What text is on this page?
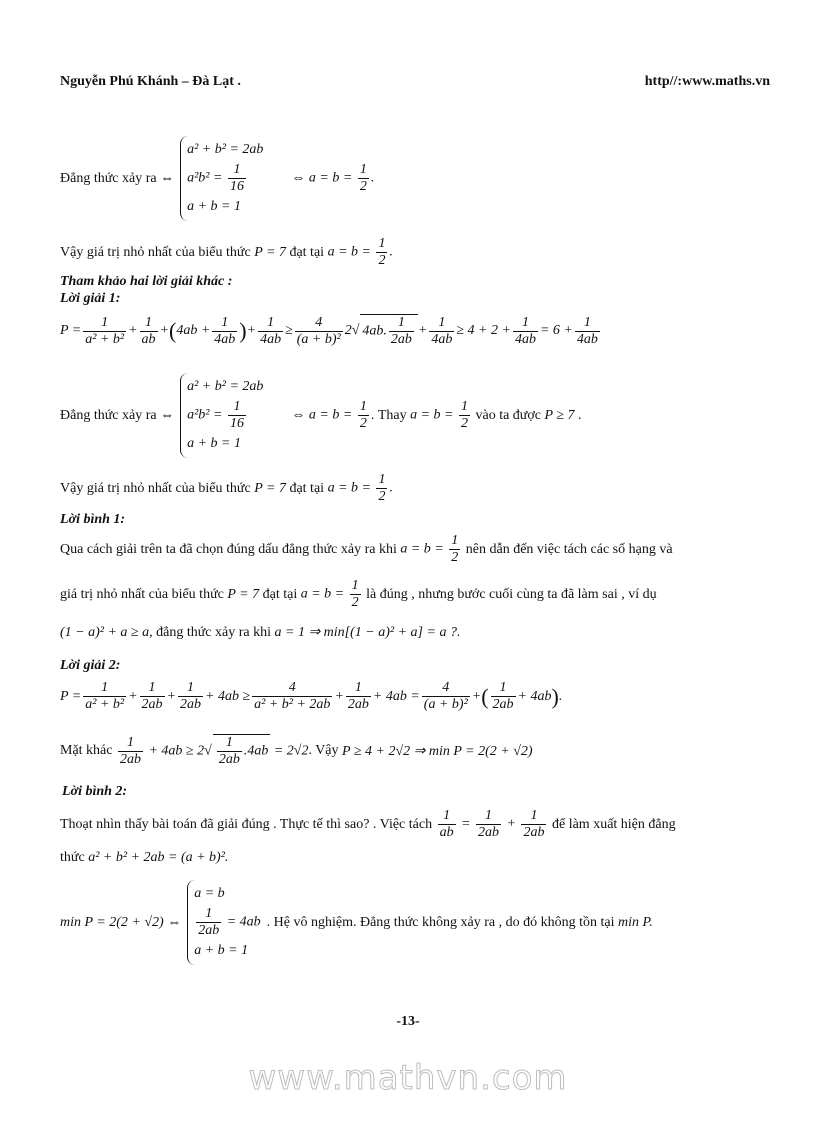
Nguyễn Phú Khánh – Đà Lạt .	http//:www.maths.vn
Đẳng thức xảy ra ⇔
a² + b² = 2ab
$a^2b^2 = \frac{1}{16}$
a + b = 1
⇔ $a = b = \frac{1}{2}$ .
Vậy giá trị nhỏ nhất của biểu thức P = 7 đạt tại $a = b = \frac{1}{2}$ .
Tham khảo hai lời giải khác :
Lời giải 1:
$P = \frac{1}{\text{a² + b²}} + \frac{1}{ab}$ + ( $4ab + \frac{1}{4ab}$ ) + $\frac{1}{4ab} \ge \frac{4}{\text{(a + b)²}} 2$ √ 4ab. $\frac{1}{2ab} + \frac{1}{4ab} \ge 4 + 2 + \frac{1}{4ab} = 6 + \frac{1}{4ab}$
Đẳng thức xảy ra ⇔
a² + b² = 2ab
$a^2b^2 = \frac{1}{16}$
a + b = 1
⇔ $a = b = \frac{1}{2}$ . Thay $a = b = \frac{1}{2}$
vào ta được P ≥ 7 .
Vậy giá trị nhỏ nhất của biểu thức P = 7 đạt tại $a = b = \frac{1}{2}$ .
Lời bình 1:
Qua cách giải trên ta đã chọn đúng dấu đẳng thức xảy ra khi $a = b = \frac{1}{2}$
nên dẫn đến việc tách các số hạng và
giá trị nhỏ nhất của biểu thức P = 7 đạt tại $a = b = \frac{1}{2}$
là đúng , nhưng bước cuối cùng ta đã làm sai , ví dụ
(1 − a)² + a ≥ a , đẳng thức xảy ra khi a = 1 ⇒ min[(1 − a)² + a] = a ?.
Lời giải 2:
$P = \frac{1}{\text{a² + b²}} + \frac{1}{2ab} + \frac{1}{2ab} + 4ab \ge \frac{4}{\text{a² + b² + 2ab}} + \frac{1}{2ab} + 4ab = \frac{4}{\text{(a + b)²}}$ + ( $\frac{1}{2ab} + 4ab$ ) .
Mặt khác
$\frac{1}{2ab} + 4ab \ge 2√ \frac{1}{2ab} .4ab = 2√2$ . Vậy P ≥ 4 + 2√2 ⇒ min P = 2(2 + √2)
Lời bình 2:
Thoạt nhìn thấy bài toán đã giải đúng . Thực tế thì sao? . Việc tách
$\frac{1}{ab} = \frac{1}{2ab} + \frac{1}{2ab}$
để làm xuất hiện đẳng
thức a² + b² + 2ab = (a + b)².
min P = 2(2 + √2) ⇔
a = b
$\frac{1}{2ab} = 4ab$
a + b = 1
. Hệ vô nghiệm. Đẳng thức không xảy ra , do đó không tồn tại min P.
-13-
www.mathvn.com
